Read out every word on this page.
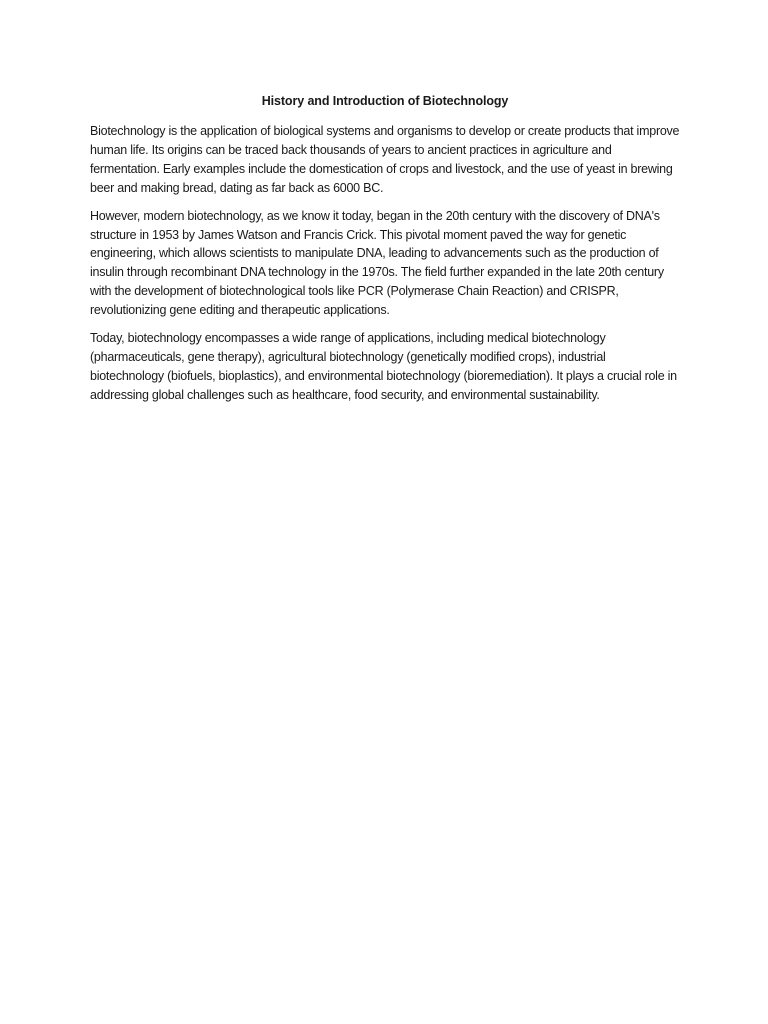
History and Introduction of Biotechnology

Biotechnology is the application of biological systems and organisms to develop or create products that improve human life. Its origins can be traced back thousands of years to ancient practices in agriculture and fermentation. Early examples include the domestication of crops and livestock, and the use of yeast in brewing beer and making bread, dating as far back as 6000 BC.

However, modern biotechnology, as we know it today, began in the 20th century with the discovery of DNA's structure in 1953 by James Watson and Francis Crick. This pivotal moment paved the way for genetic engineering, which allows scientists to manipulate DNA, leading to advancements such as the production of insulin through recombinant DNA technology in the 1970s. The field further expanded in the late 20th century with the development of biotechnological tools like PCR (Polymerase Chain Reaction) and CRISPR, revolutionizing gene editing and therapeutic applications.

Today, biotechnology encompasses a wide range of applications, including medical biotechnology (pharmaceuticals, gene therapy), agricultural biotechnology (genetically modified crops), industrial biotechnology (biofuels, bioplastics), and environmental biotechnology (bioremediation). It plays a crucial role in addressing global challenges such as healthcare, food security, and environmental sustainability.
